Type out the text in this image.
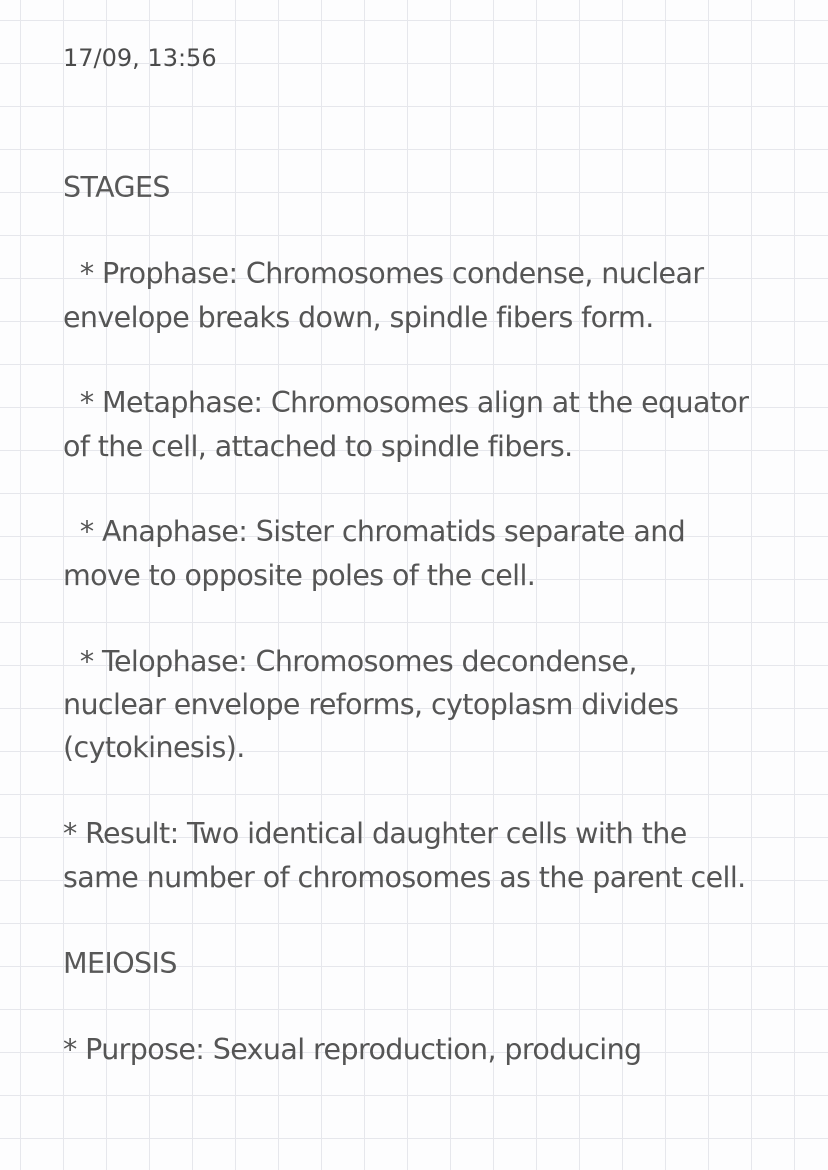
17/09, 13:56
STAGES
* Prophase: Chromosomes condense, nuclear
envelope breaks down, spindle fibers form.
* Metaphase: Chromosomes align at the equator
of the cell, attached to spindle fibers.
* Anaphase: Sister chromatids separate and
move to opposite poles of the cell.
* Telophase: Chromosomes decondense,
nuclear envelope reforms, cytoplasm divides
(cytokinesis).
* Result: Two identical daughter cells with the
same number of chromosomes as the parent cell.
MEIOSIS
* Purpose: Sexual reproduction, producing
